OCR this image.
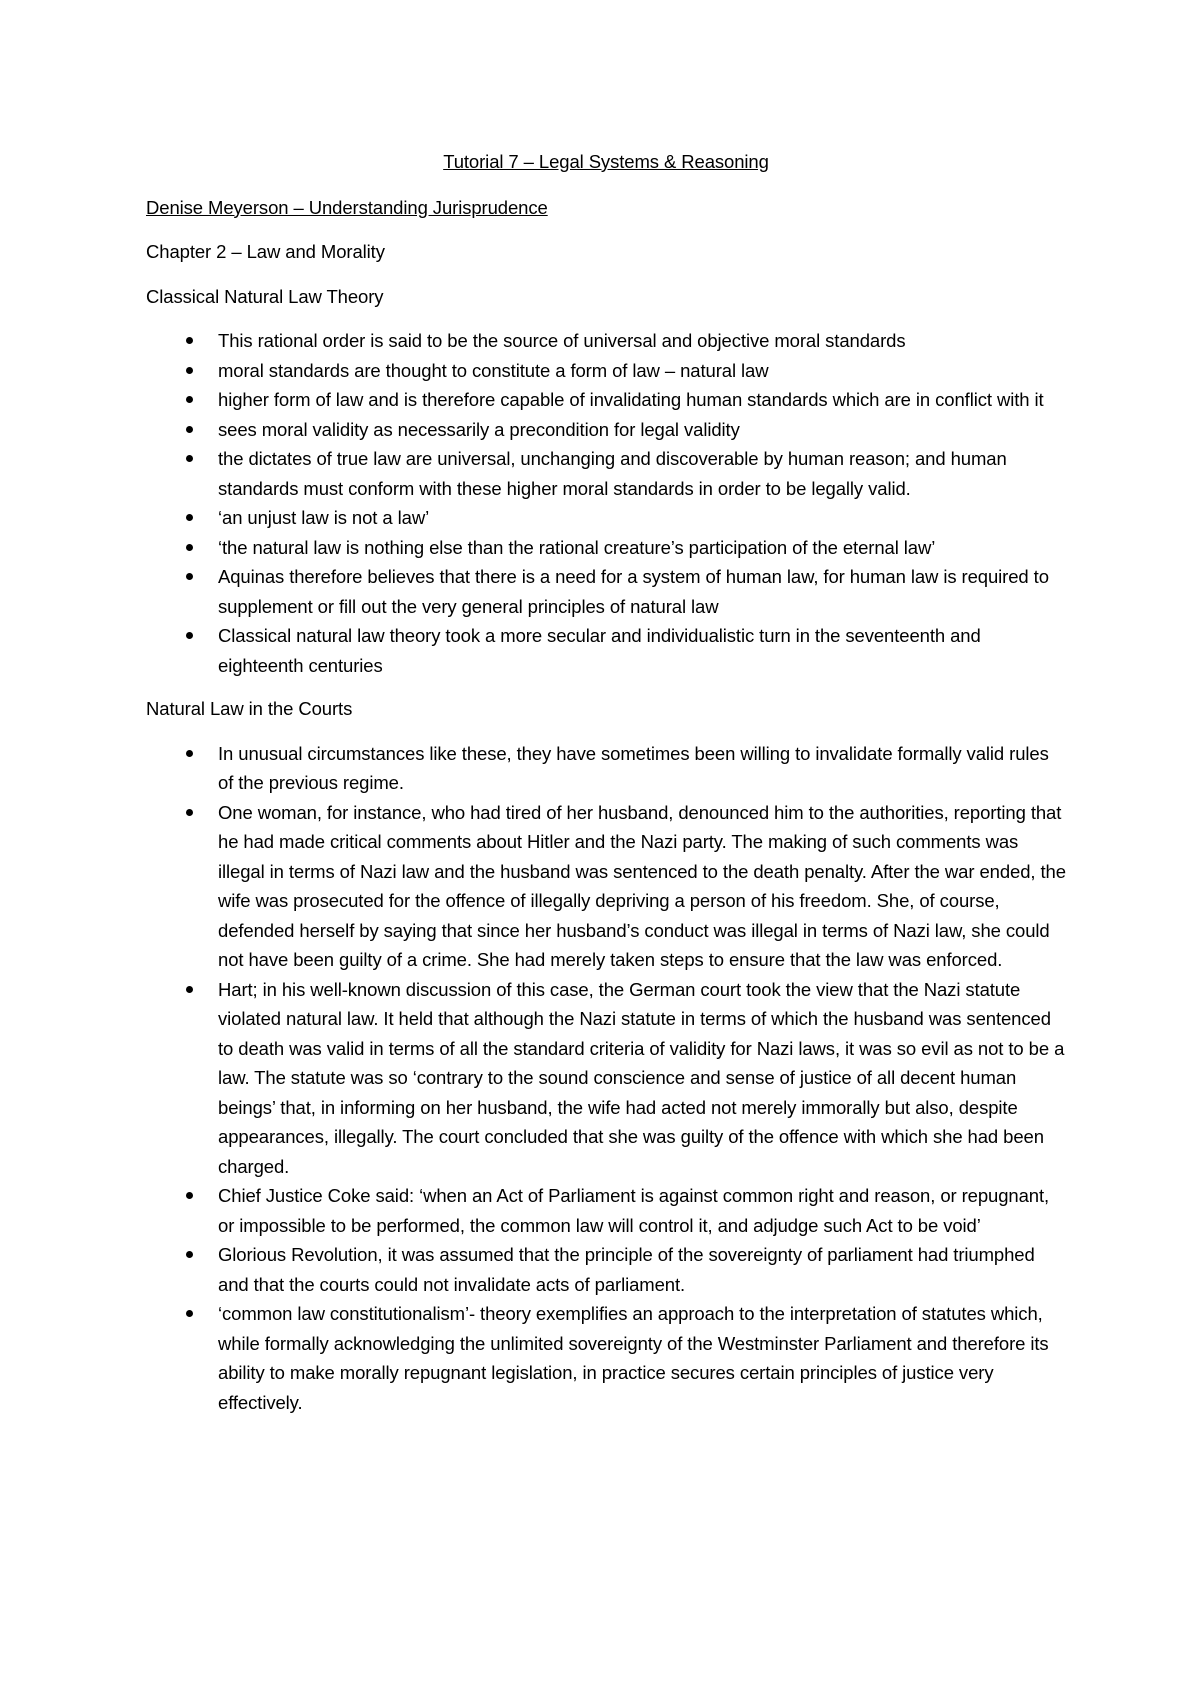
Tutorial 7 – Legal Systems & Reasoning
Denise Meyerson – Understanding Jurisprudence
Chapter 2 – Law and Morality
Classical Natural Law Theory
This rational order is said to be the source of universal and objective moral standards
moral standards are thought to constitute a form of law – natural law
higher form of law and is therefore capable of invalidating human standards which are in conflict with it
sees moral validity as necessarily a precondition for legal validity
the dictates of true law are universal, unchanging and discoverable by human reason; and human standards must conform with these higher moral standards in order to be legally valid.
‘an unjust law is not a law’
‘the natural law is nothing else than the rational creature’s participation of the eternal law’
Aquinas therefore believes that there is a need for a system of human law, for human law is required to supplement or fill out the very general principles of natural law
Classical natural law theory took a more secular and individualistic turn in the seventeenth and eighteenth centuries
Natural Law in the Courts
In unusual circumstances like these, they have sometimes been willing to invalidate formally valid rules of the previous regime.
One woman, for instance, who had tired of her husband, denounced him to the authorities, reporting that he had made critical comments about Hitler and the Nazi party. The making of such comments was illegal in terms of Nazi law and the husband was sentenced to the death penalty. After the war ended, the wife was prosecuted for the offence of illegally depriving a person of his freedom. She, of course, defended herself by saying that since her husband’s conduct was illegal in terms of Nazi law, she could not have been guilty of a crime. She had merely taken steps to ensure that the law was enforced.
Hart; in his well-known discussion of this case, the German court took the view that the Nazi statute violated natural law. It held that although the Nazi statute in terms of which the husband was sentenced to death was valid in terms of all the standard criteria of validity for Nazi laws, it was so evil as not to be a law. The statute was so ‘contrary to the sound conscience and sense of justice of all decent human beings’ that, in informing on her husband, the wife had acted not merely immorally but also, despite appearances, illegally. The court concluded that she was guilty of the offence with which she had been charged.
Chief Justice Coke said: ‘when an Act of Parliament is against common right and reason, or repugnant, or impossible to be performed, the common law will control it, and adjudge such Act to be void’
Glorious Revolution, it was assumed that the principle of the sovereignty of parliament had triumphed and that the courts could not invalidate acts of parliament.
‘common law constitutionalism’- theory exemplifies an approach to the interpretation of statutes which, while formally acknowledging the unlimited sovereignty of the Westminster Parliament and therefore its ability to make morally repugnant legislation, in practice secures certain principles of justice very effectively.
